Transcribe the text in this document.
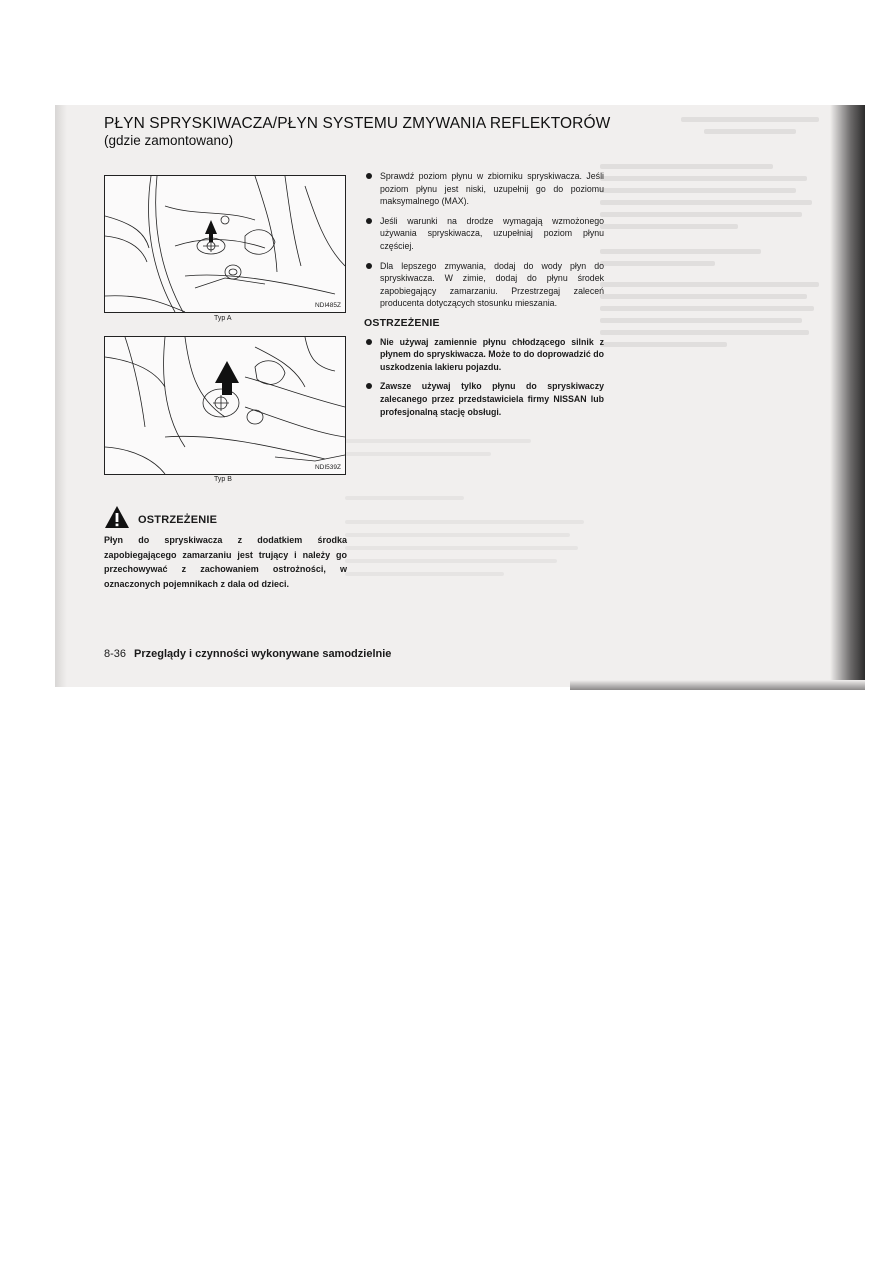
PŁYN SPRYSKIWACZA/PŁYN SYSTEMU ZMYWANIA REFLEKTORÓW
(gdzie zamontowano)
NDI485Z
Typ A
NDI539Z
Typ B
OSTRZEŻENIE
Płyn do spryskiwacza z dodatkiem środka zapobiegającego zamarzaniu jest trujący i należy go przechowywać z zachowaniem ostrożności, w oznaczonych pojemnikach z dala od dzieci.
Sprawdź poziom płynu w zbiorniku spryskiwacza. Jeśli poziom płynu jest niski, uzupełnij go do poziomu maksymalnego (MAX).
Jeśli warunki na drodze wymagają wzmożonego używania spryskiwacza, uzupełniaj poziom płynu częściej.
Dla lepszego zmywania, dodaj do wody płyn do spryskiwacza. W zimie, dodaj do płynu środek zapobiegający zamarzaniu. Przestrzegaj zaleceń producenta dotyczących stosunku mieszania.
OSTRZEŻENIE
Nie używaj zamiennie płynu chłodzącego silnik z płynem do spryskiwacza. Może to do doprowadzić do uszkodzenia lakieru pojazdu.
Zawsze używaj tylko płynu do spryskiwaczy zalecanego przez przedstawiciela firmy NISSAN lub profesjonalną stację obsługi.
8-36 Przeglądy i czynności wykonywane samodzielnie
